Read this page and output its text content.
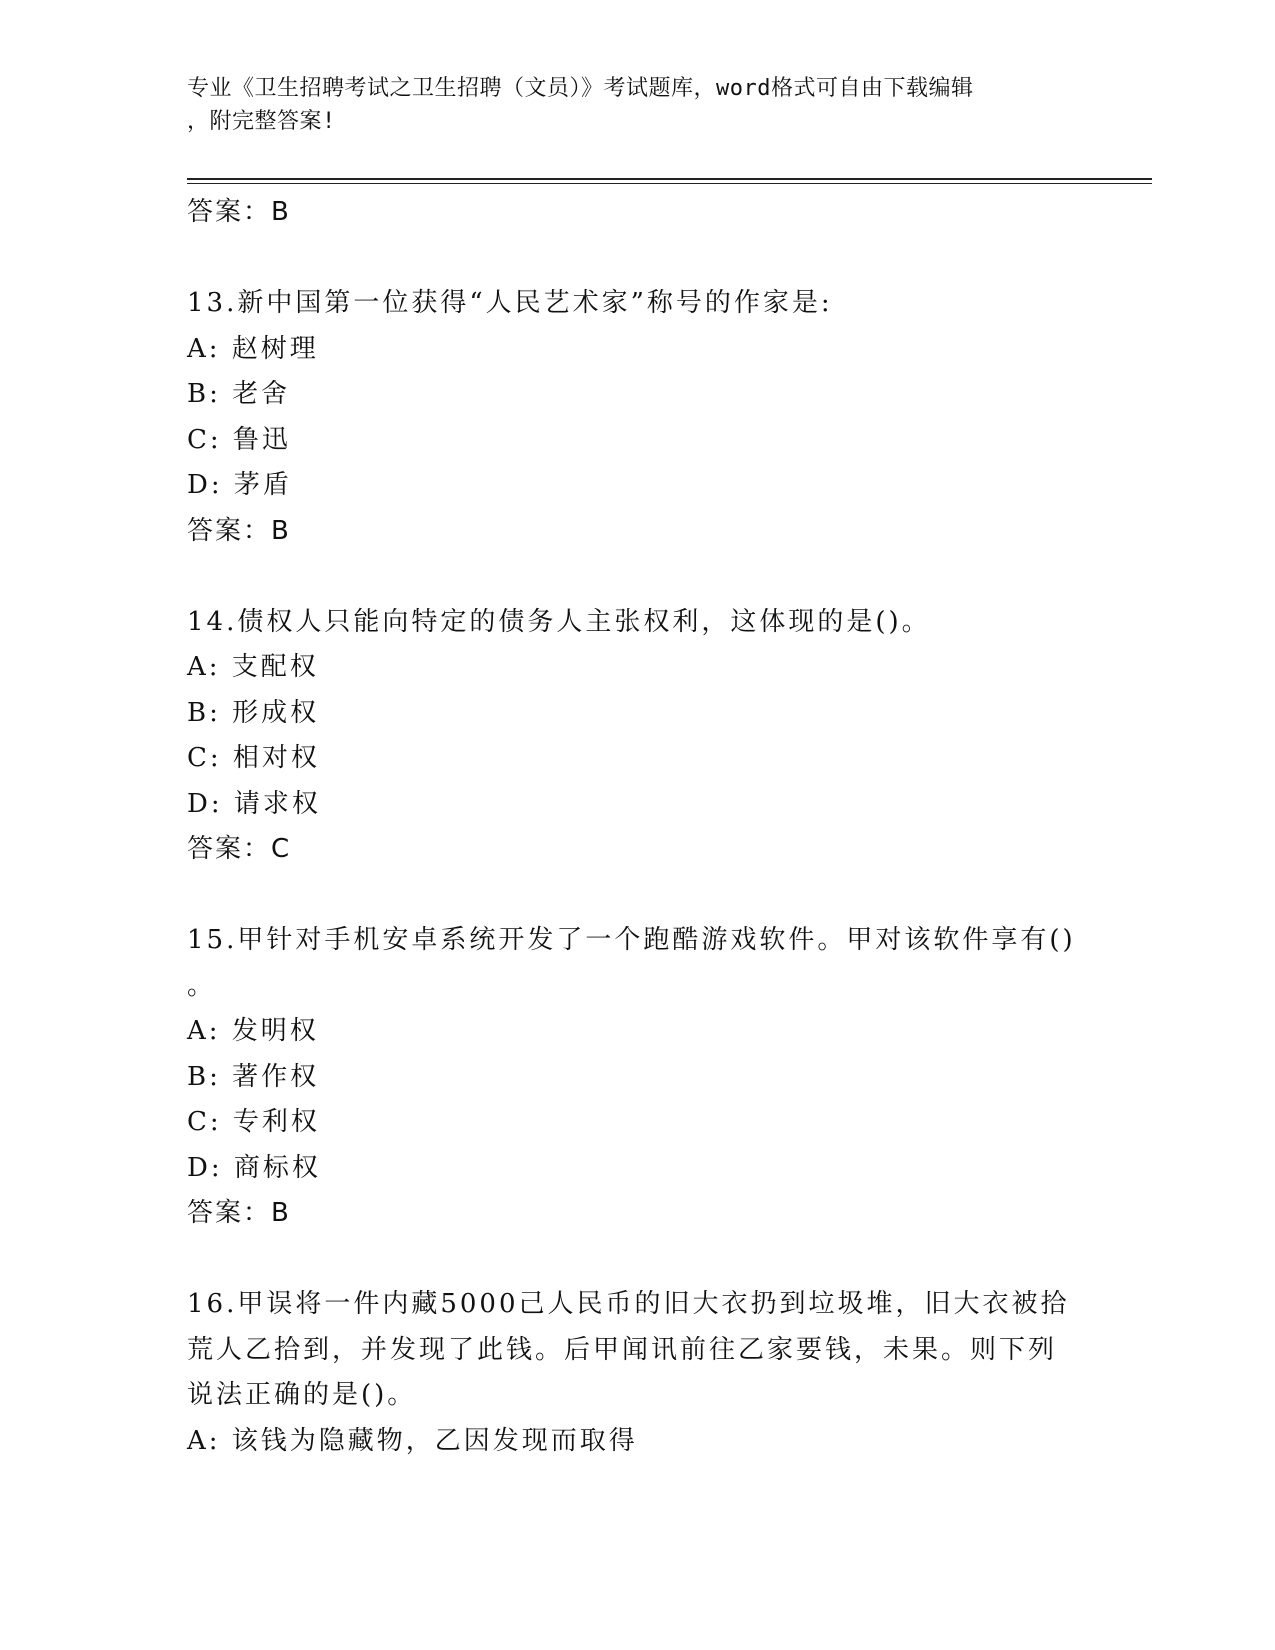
专业《卫生招聘考试之卫生招聘（文员）》考试题库，word格式可自由下载编辑
，附完整答案!
答案：B
13.新中国第一位获得“人民艺术家”称号的作家是:
A: 赵树理
B: 老舍
C: 鲁迅
D: 茅盾
答案：B
14.债权人只能向特定的债务人主张权利，这体现的是()。
A: 支配权
B: 形成权
C: 相对权
D: 请求权
答案：C
15.甲针对手机安卓系统开发了一个跑酷游戏软件。甲对该软件享有()
。
A: 发明权
B: 著作权
C: 专利权
D: 商标权
答案：B
16.甲误将一件内藏5000己人民币的旧大衣扔到垃圾堆，旧大衣被拾
荒人乙拾到，并发现了此钱。后甲闻讯前往乙家要钱，未果。则下列
说法正确的是()。
A: 该钱为隐藏物，乙因发现而取得
